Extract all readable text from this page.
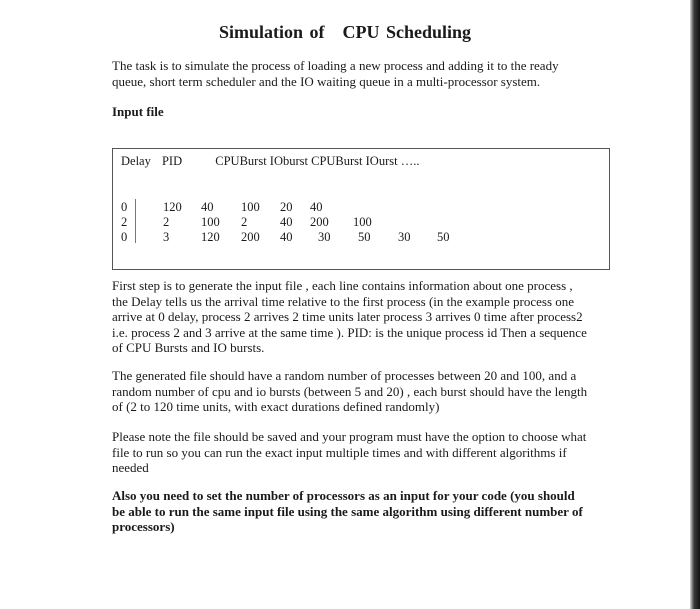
Simulation of CPU Scheduling

The task is to simulate the process of loading a new process and adding it to the ready queue, short term scheduler and the IO waiting queue in a multi-processor system.

Input file
Delay PID	CPUBurst IOburst CPUBurst IOurst …..
0	120 40 100 20 40
2	2	100 2	40 200 100
0	3	120 200 40 30 50 30 50

First step is to generate the input file , each line contains information about one process , the Delay tells us the arrival time relative to the first process (in the example process one arrive at 0 delay, process 2 arrives 2 time units later process 3 arrives 0 time after process2 i.e. process 2 and 3 arrive at the same time ). PID: is the unique process id Then a sequence of CPU Bursts and IO bursts.

The generated file should have a random number of processes between 20 and 100, and a random number of cpu and io bursts (between 5 and 20) , each burst should have the length of (2 to 120 time units, with exact durations defined randomly)

Please note the file should be saved and your program must have the option to choose what file to run so you can run the exact input multiple times and with different algorithms if needed

Also you need to set the number of processors as an input for your code (you should be able to run the same input file using the same algorithm using different number of processors)
